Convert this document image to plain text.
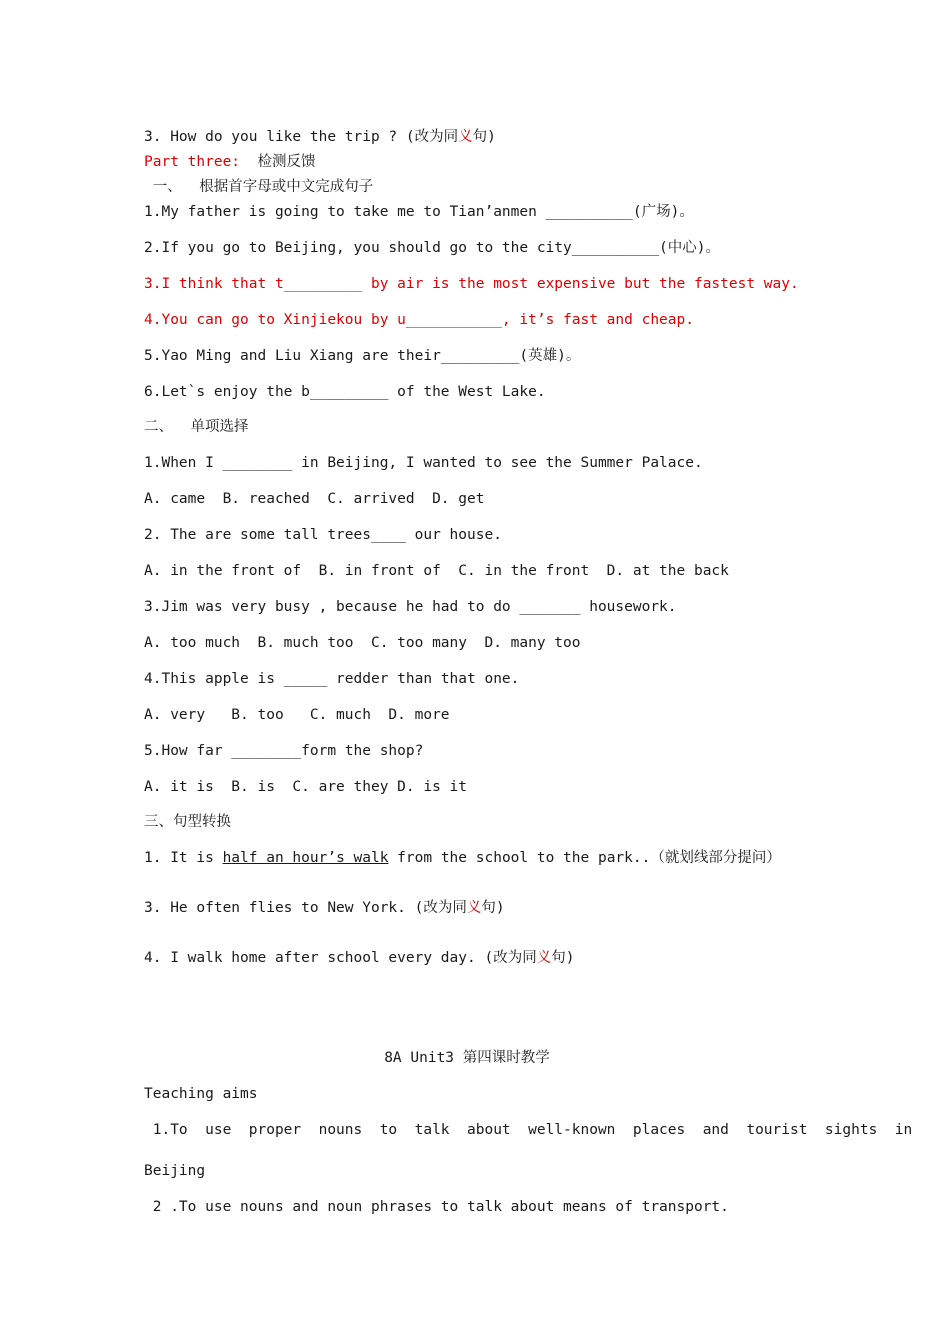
3. How do you like the trip ? (改为同义句)
Part three:  检测反馈
一、  根据首字母或中文完成句子
1.My father is going to take me to Tian’anmen __________(广场)。
2.If you go to Beijing, you should go to the city__________(中心)。
3.I think that t_________ by air is the most expensive but the fastest way.
4.You can go to Xinjiekou by u___________, it’s fast and cheap.
5.Yao Ming and Liu Xiang are their_________(英雄)。
6.Let`s enjoy the b_________ of the West Lake.
二、  单项选择
1.When I ________ in Beijing, I wanted to see the Summer Palace.
A. came  B. reached  C. arrived  D. get
2. The are some tall trees____ our house.
A. in the front of  B. in front of  C. in the front  D. at the back
3.Jim was very busy , because he had to do _______ housework.
A. too much  B. much too  C. too many  D. many too
4.This apple is _____ redder than that one.
A. very   B. too   C. much  D. more
5.How far ________form the shop?
A. it is  B. is  C. are they D. is it
三、句型转换
1. It is half an hour’s walk from the school to the park..（就划线部分提问）
3. He often flies to New York. (改为同义句)
4. I walk home after school every day. (改为同义句)
8A Unit3 第四课时教学
Teaching aims
1.To  use  proper  nouns  to  talk  about  well-known  places  and  tourist  sights  in
Beijing
2 .To use nouns and noun phrases to talk about means of transport.
